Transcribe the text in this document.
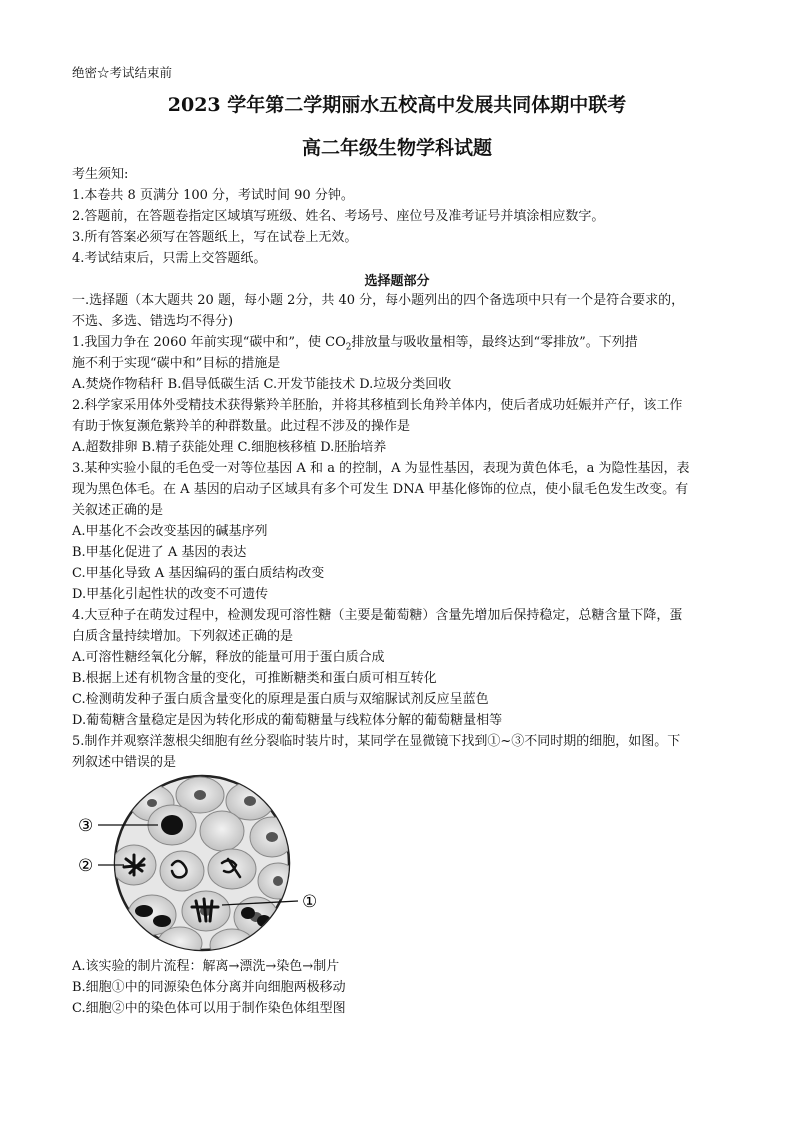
绝密☆考试结束前
2023 学年第二学期丽水五校高中发展共同体期中联考
高二年级生物学科试题
考生须知:
1.本卷共 8 页满分 100 分，考试时间 90 分钟。
2.答题前，在答题卷指定区域填写班级、姓名、考场号、座位号及准考证号并填涂相应数字。
3.所有答案必须写在答题纸上，写在试卷上无效。
4.考试结束后，只需上交答题纸。
选择题部分
一.选择题（本大题共 20 题，每小题 2分，共 40 分，每小题列出的四个备选项中只有一个是符合要求的，
不选、多选、错选均不得分)
1.我国力争在 2060 年前实现“碳中和”，使 $CO_2$排放量与吸收量相等，最终达到“零排放”。下列措
施不利于实现“碳中和”目标的措施是
A.焚烧作物秸秆 B.倡导低碳生活 C.开发节能技术 D.垃圾分类回收
2.科学家采用体外受精技术获得紫羚羊胚胎，并将其移植到长角羚羊体内，使后者成功妊娠并产仔，该工作
有助于恢复濒危紫羚羊的种群数量。此过程不涉及的操作是
A.超数排卵 B.精子获能处理 C.细胞核移植 D.胚胎培养
3.某种实验小鼠的毛色受一对等位基因 A 和 a 的控制，A 为显性基因，表现为黄色体毛，a 为隐性基因，表
现为黑色体毛。在 A 基因的启动子区域具有多个可发生 DNA 甲基化修饰的位点，使小鼠毛色发生改变。有
关叙述正确的是
A.甲基化不会改变基因的碱基序列
B.甲基化促进了 A 基因的表达
C.甲基化导致 A 基因编码的蛋白质结构改变
D.甲基化引起性状的改变不可遗传
4.大豆种子在萌发过程中，检测发现可溶性糖（主要是葡萄糖）含量先增加后保持稳定，总糖含量下降，蛋
白质含量持续增加。下列叙述正确的是
A.可溶性糖经氧化分解，释放的能量可用于蛋白质合成
B.根据上述有机物含量的变化，可推断糖类和蛋白质可相互转化
C.检测萌发种子蛋白质含量变化的原理是蛋白质与双缩脲试剂反应呈蓝色
D.葡萄糖含量稳定是因为转化形成的葡萄糖量与线粒体分解的葡萄糖量相等
5.制作并观察洋葱根尖细胞有丝分裂临时装片时，某同学在显微镜下找到①~③不同时期的细胞，如图。下
列叙述中错误的是
③
②
①
A.该实验的制片流程：解离→漂洗→染色→制片
B.细胞①中的同源染色体分离并向细胞两极移动
C.细胞②中的染色体可以用于制作染色体组型图
